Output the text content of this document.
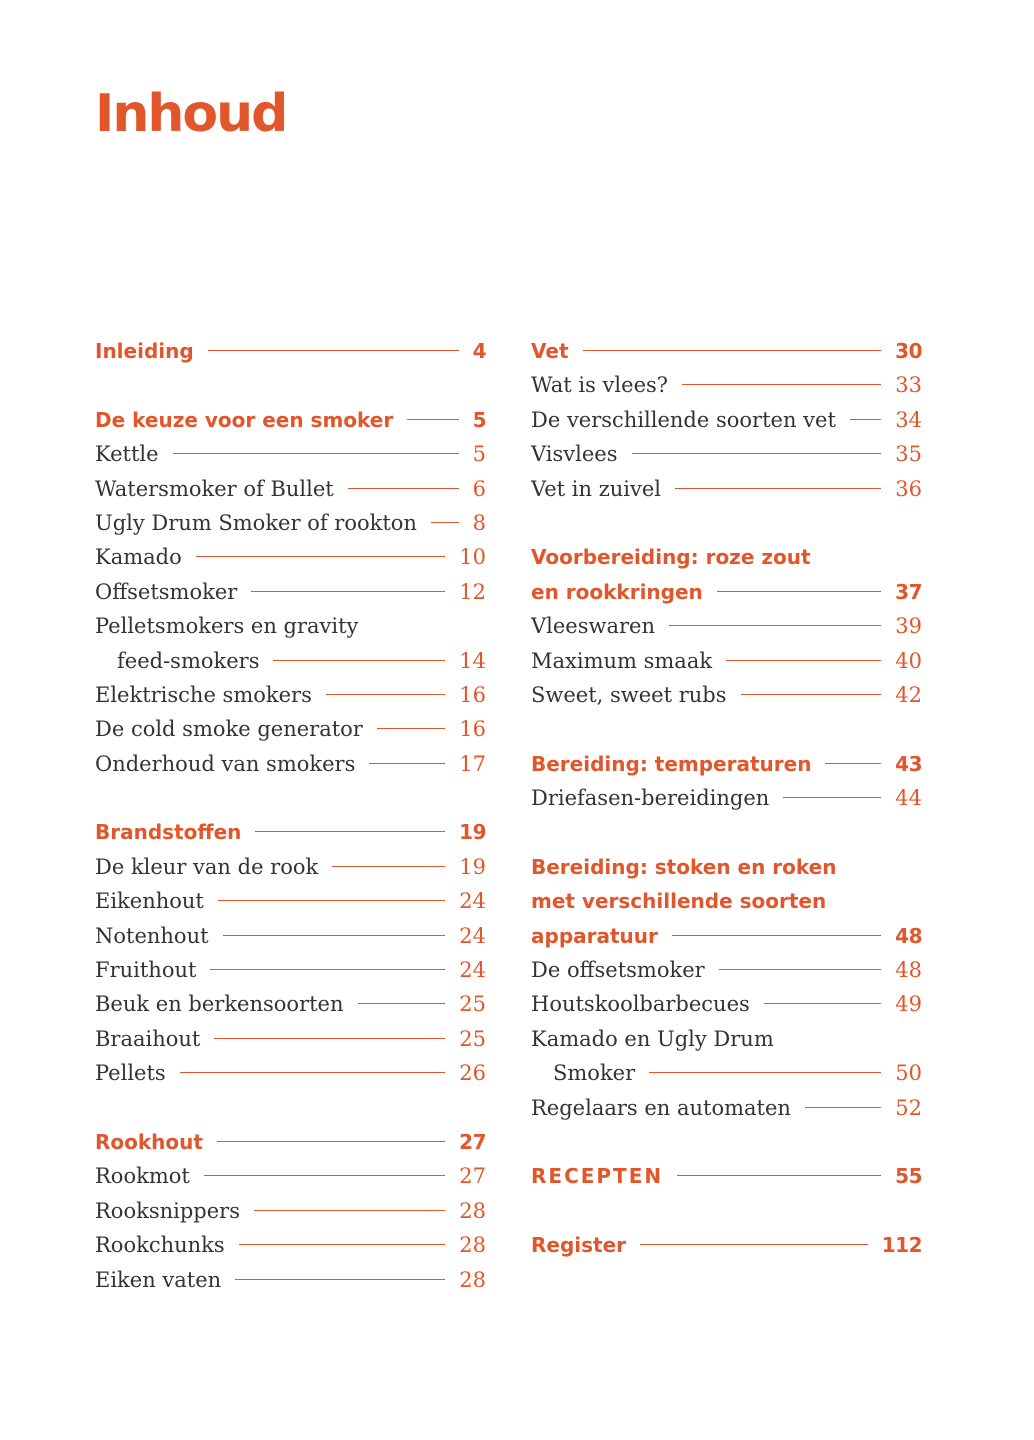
Inhoud
Inleiding	4
De keuze voor een smoker	5
Kettle	5
Watersmoker of Bullet	6
Ugly Drum Smoker of rookton	8
Kamado	10
Offsetsmoker	12
Pelletsmokers en gravity
feed-smokers	14
Elektrische smokers	16
De cold smoke generator	16
Onderhoud van smokers	17
Brandstoffen	19
De kleur van de rook	19
Eikenhout	24
Notenhout	24
Fruithout	24
Beuk en berkensoorten	25
Braaihout	25
Pellets	26
Rookhout	27
Rookmot	27
Rooksnippers	28
Rookchunks	28
Eiken vaten	28
Vet	30
Wat is vlees?	33
De verschillende soorten vet	34
Visvlees	35
Vet in zuivel	36
Voorbereiding: roze zout
en rookkringen	37
Vleeswaren	39
Maximum smaak	40
Sweet, sweet rubs	42
Bereiding: temperaturen	43
Driefasen-bereidingen	44
Bereiding: stoken en roken
met verschillende soorten
apparatuur	48
De offsetsmoker	48
Houtskoolbarbecues	49
Kamado en Ugly Drum
Smoker	50
Regelaars en automaten	52
RECEPTEN	55
Register	112
